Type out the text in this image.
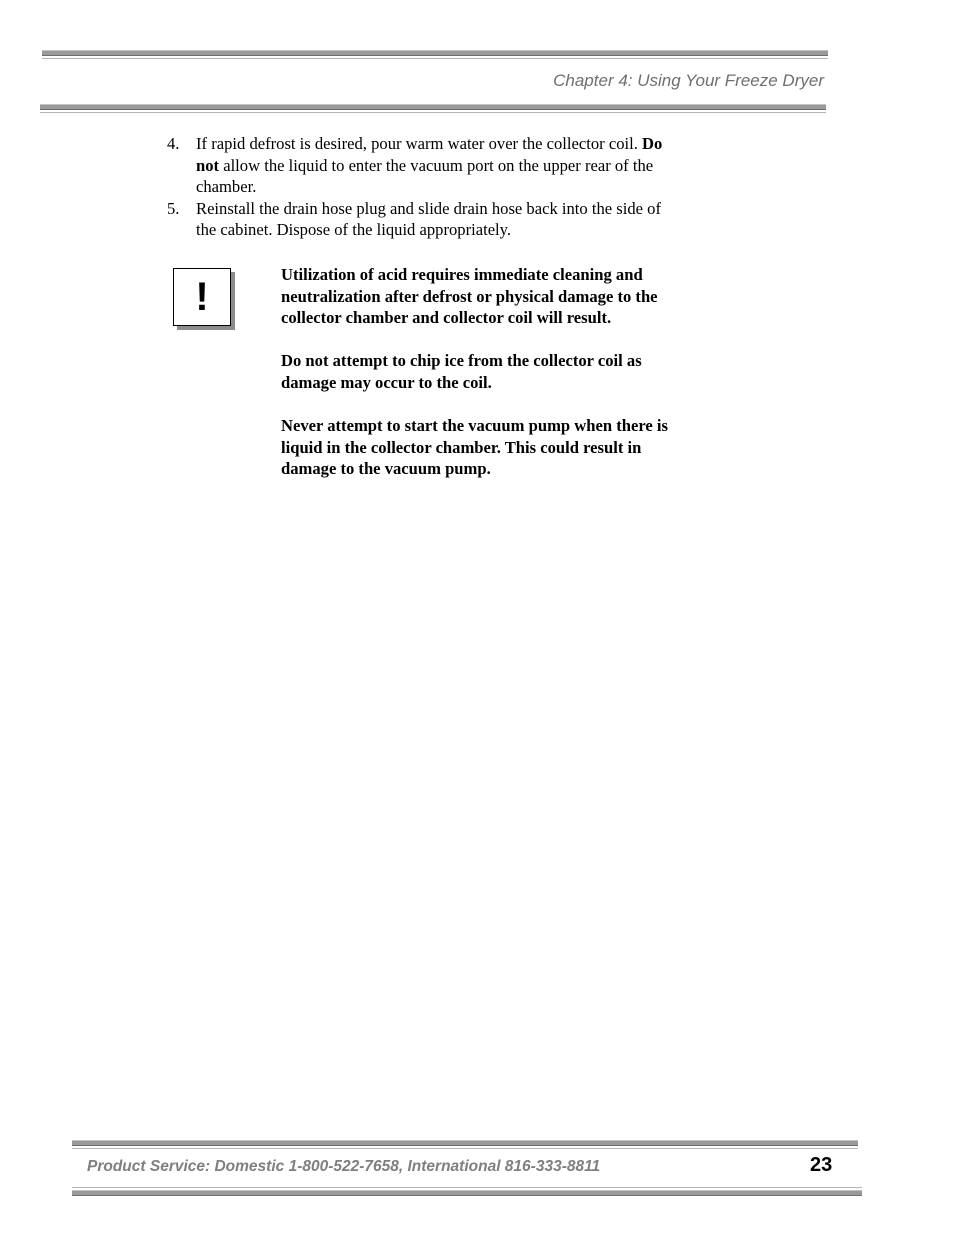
Chapter 4: Using Your Freeze Dryer
4. If rapid defrost is desired, pour warm water over the collector coil. Do not allow the liquid to enter the vacuum port on the upper rear of the chamber.
5. Reinstall the drain hose plug and slide drain hose back into the side of the cabinet. Dispose of the liquid appropriately.
!	Utilization of acid requires immediate cleaning and neutralization after defrost or physical damage to the collector chamber and collector coil will result.

Do not attempt to chip ice from the collector coil as damage may occur to the coil.

Never attempt to start the vacuum pump when there is liquid in the collector chamber. This could result in damage to the vacuum pump.

Product Service: Domestic 1-800-522-7658, International 816-333-8811	23
